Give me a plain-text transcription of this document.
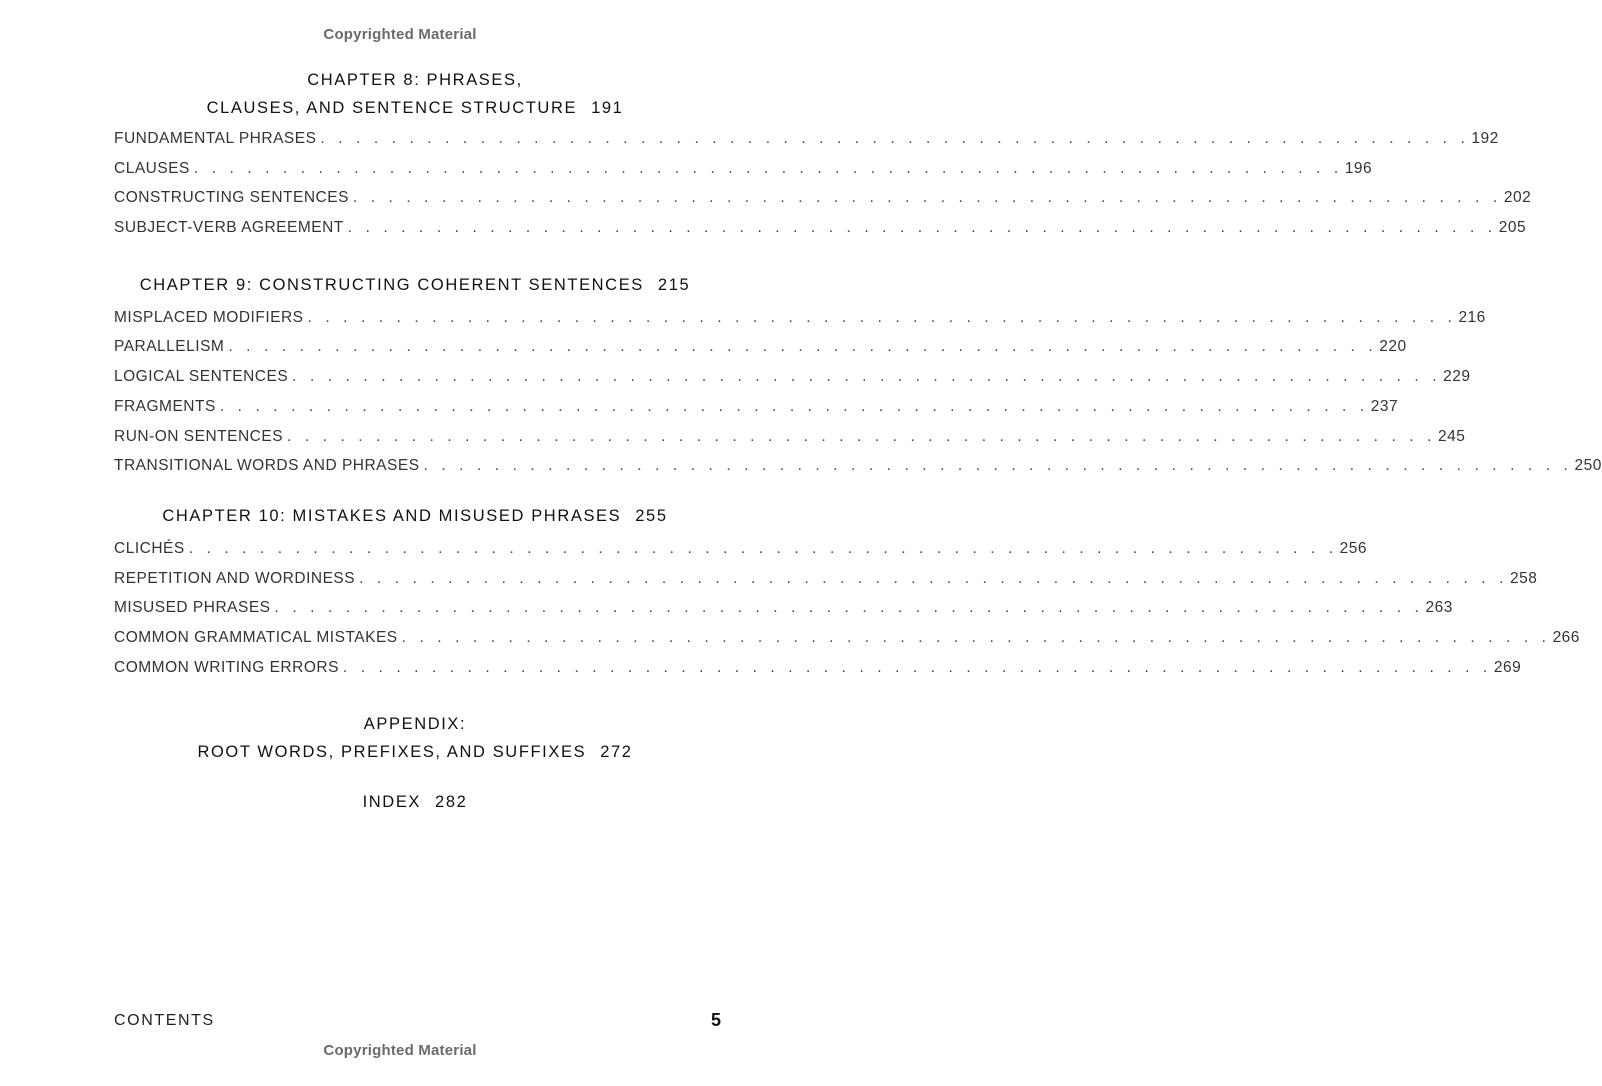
Copyrighted Material
CHAPTER 8: PHRASES,
CLAUSES, AND SENTENCE STRUCTURE 191
FUNDAMENTAL PHRASES . . . . . . . . . . . . . . . . . . . . . . . . . . . . . . . . . . . . . . . . . . . . . . . . . . . . . . . . . . . . . . . . . 192
CLAUSES . . . . . . . . . . . . . . . . . . . . . . . . . . . . . . . . . . . . . . . . . . . . . . . . . . . . . . . . . . . . . . . . . 196
CONSTRUCTING SENTENCES . . . . . . . . . . . . . . . . . . . . . . . . . . . . . . . . . . . . . . . . . . . . . . . . . . . . . . . . . . . . . . . . . 202
SUBJECT-VERB AGREEMENT . . . . . . . . . . . . . . . . . . . . . . . . . . . . . . . . . . . . . . . . . . . . . . . . . . . . . . . . . . . . . . . . . 205
CHAPTER 9: CONSTRUCTING COHERENT SENTENCES 215
MISPLACED MODIFIERS . . . . . . . . . . . . . . . . . . . . . . . . . . . . . . . . . . . . . . . . . . . . . . . . . . . . . . . . . . . . . . . . . 216
PARALLELISM . . . . . . . . . . . . . . . . . . . . . . . . . . . . . . . . . . . . . . . . . . . . . . . . . . . . . . . . . . . . . . . . . 220
LOGICAL SENTENCES . . . . . . . . . . . . . . . . . . . . . . . . . . . . . . . . . . . . . . . . . . . . . . . . . . . . . . . . . . . . . . . . . 229
FRAGMENTS . . . . . . . . . . . . . . . . . . . . . . . . . . . . . . . . . . . . . . . . . . . . . . . . . . . . . . . . . . . . . . . . . 237
RUN-ON SENTENCES . . . . . . . . . . . . . . . . . . . . . . . . . . . . . . . . . . . . . . . . . . . . . . . . . . . . . . . . . . . . . . . . . 245
TRANSITIONAL WORDS AND PHRASES . . . . . . . . . . . . . . . . . . . . . . . . . . . . . . . . . . . . . . . . . . . . . . . . . . . . . . . . . . . . . . . . . 250
CHAPTER 10: MISTAKES AND MISUSED PHRASES 255
CLICHÉS . . . . . . . . . . . . . . . . . . . . . . . . . . . . . . . . . . . . . . . . . . . . . . . . . . . . . . . . . . . . . . . . . 256
REPETITION AND WORDINESS . . . . . . . . . . . . . . . . . . . . . . . . . . . . . . . . . . . . . . . . . . . . . . . . . . . . . . . . . . . . . . . . . 258
MISUSED PHRASES . . . . . . . . . . . . . . . . . . . . . . . . . . . . . . . . . . . . . . . . . . . . . . . . . . . . . . . . . . . . . . . . . 263
COMMON GRAMMATICAL MISTAKES . . . . . . . . . . . . . . . . . . . . . . . . . . . . . . . . . . . . . . . . . . . . . . . . . . . . . . . . . . . . . . . . . 266
COMMON WRITING ERRORS . . . . . . . . . . . . . . . . . . . . . . . . . . . . . . . . . . . . . . . . . . . . . . . . . . . . . . . . . . . . . . . . . 269
APPENDIX:
ROOT WORDS, PREFIXES, AND SUFFIXES 272
INDEX 282
CONTENTS	5
Copyrighted Material
